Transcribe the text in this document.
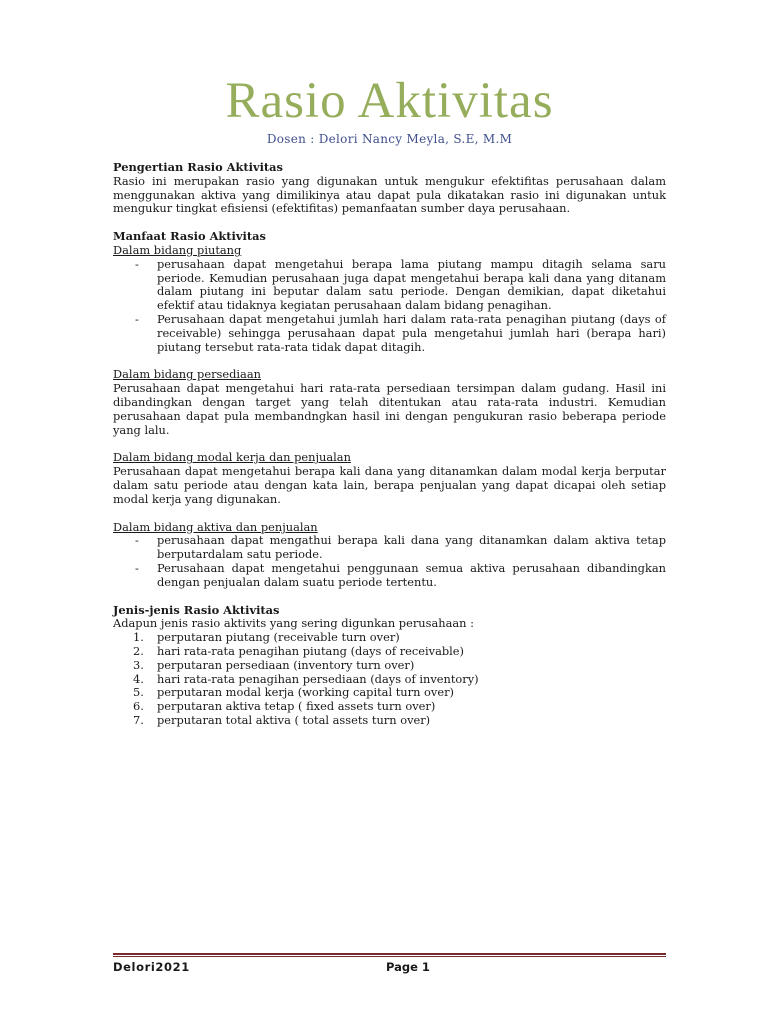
Rasio Aktivitas
Dosen : Delori Nancy Meyla, S.E, M.M

Pengertian Rasio Aktivitas

Rasio ini merupakan rasio yang digunakan untuk mengukur efektifitas perusahaan dalam menggunakan aktiva yang dimilikinya atau dapat pula dikatakan rasio ini digunakan untuk mengukur tingkat efisiensi (efektifitas) pemanfaatan sumber daya perusahaan.

Manfaat Rasio Aktivitas

Dalam bidang piutang

- perusahaan dapat mengetahui berapa lama piutang mampu ditagih selama saru periode. Kemudian perusahaan juga dapat mengetahui berapa kali dana yang ditanam dalam piutang ini beputar dalam satu periode. Dengan demikian, dapat diketahui efektif atau tidaknya kegiatan perusahaan dalam bidang penagihan.
- Perusahaan dapat mengetahui jumlah hari dalam rata-rata penagihan piutang (days of receivable) sehingga perusahaan dapat pula mengetahui jumlah hari (berapa hari) piutang tersebut rata-rata tidak dapat ditagih.

Dalam bidang persediaan

Perusahaan dapat mengetahui hari rata-rata persediaan tersimpan dalam gudang. Hasil ini dibandingkan dengan target yang telah ditentukan atau rata-rata industri. Kemudian perusahaan dapat pula membandngkan hasil ini dengan pengukuran rasio beberapa periode yang lalu.

Dalam bidang modal kerja dan penjualan

Perusahaan dapat mengetahui berapa kali dana yang ditanamkan dalam modal kerja berputar dalam satu periode atau dengan kata lain, berapa penjualan yang dapat dicapai oleh setiap modal kerja yang digunakan.

Dalam bidang aktiva dan penjualan

- perusahaan dapat mengathui berapa kali dana yang ditanamkan dalam aktiva tetap berputardalam satu periode.
- Perusahaan dapat mengetahui penggunaan semua aktiva perusahaan dibandingkan dengan penjualan dalam suatu periode tertentu.

Jenis-jenis Rasio Aktivitas

Adapun jenis rasio aktivits yang sering digunkan perusahaan :

1. perputaran piutang (receivable turn over)
2. hari rata-rata penagihan piutang (days of receivable)
3. perputaran persediaan (inventory turn over)
4. hari rata-rata penagihan persediaan (days of inventory)
5. perputaran modal kerja (working capital turn over)
6. perputaran aktiva tetap ( fixed assets turn over)
7. perputaran total aktiva ( total assets turn over)
Delori2021	Page 1
